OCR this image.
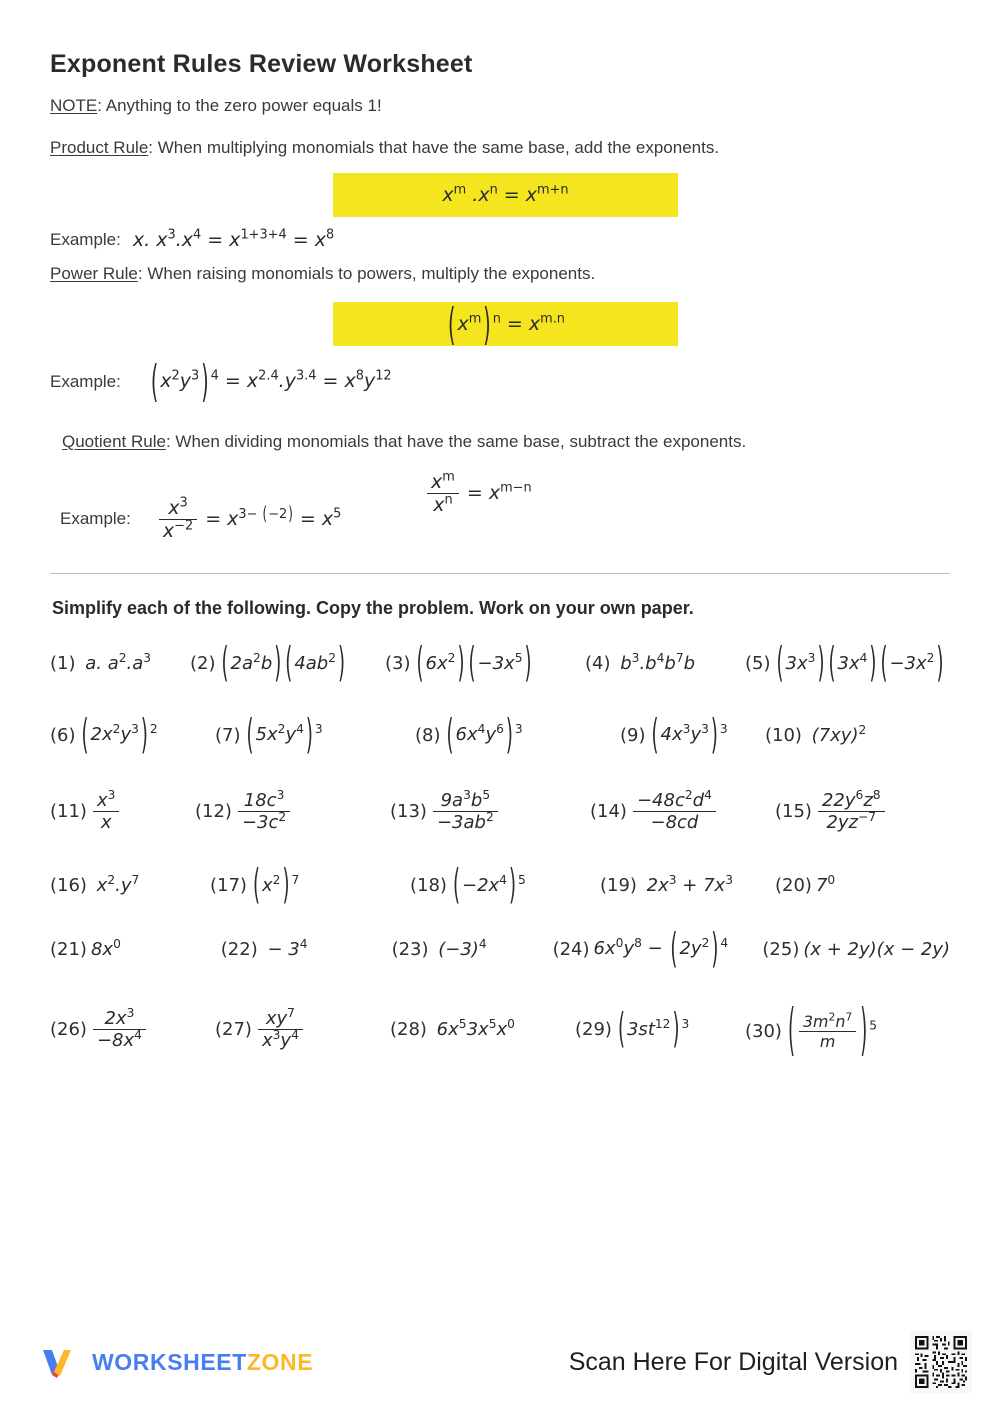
Exponent Rules Review Worksheet
NOTE: Anything to the zero power equals 1!
Product Rule: When multiplying monomials that have the same base, add the exponents.
$x^m$ $.x^n = x^{m+n}$
Example: x. $x^3.x^4 = x^{1+3+4} = x^8$
Power Rule: When raising monomials to powers, multiply the exponents.
( $x^m$ ) $^n = x^{m.n}$
Example: ( $x^2y^3$ ) $^4 = x^{2.4}.y^{3.4} = x^8y^{12}$
Quotient Rule: When dividing monomials that have the same base, subtract the exponents.
$\frac{x^m}{x^n} = x^{m-n}$
Example: $\frac{x^3}{x^{-2}} = x^{3- (-2)} = x^5$
Simplify each of the following. Copy the problem. Work on your own paper.
(1) a. $a^2.a^3$ (2) ( $2a^2b$ ) ( $4ab^2$ ) (3) ( $6x^2$ ) ( $-3x^5$ )	(4) $b^3.b^4b^7b$	(5) ( $3x^3$ ) ( $3x^4$ ) ( $-3x^2$ )
(6) ( $2x^2y^3$ ) $^2$	(7) ( $5x^2y^4$ ) $^3$	(8) ( $6x^4y^6$ ) $^3$	(9) ( $4x^3y^3$ ) $^3$ (10) $(7xy)^2$
$(11) \frac{x^3}{x}$	$(12) \frac{18c^3}{-3c^2}$	$(13) \frac{9a^3b^5}{-3ab^2}$	$(14) \frac{-48c^2d^4}{-8cd}$	$(15) \frac{22y^6z^8}{2yz^{-7}}$
(16) $x^2.y^7$	(17) ( $x^2$ ) $^7$	(18) ( $-2x^4$ ) $^5$	(19) $2x^3 + 7x^3$ (20) $7^0$
(21) $8x^0$	$(22) - 3^4$	(23) $(-3)^4$	(24) $6x^0y^8$ − ( $2y^2$ ) $^4$ (25) (x + 2y)(x − 2y)
$(26) \frac{2x^3}{-8x^4}$	$(27) \frac{xy^7}{x^3y^4}$	(28) $6x^53x^5x^0$	(29) ( $3st^{12}$ ) $^3$	(30) ( $\frac{3m^2n^7}{m}$ ) $^5$
WORKSHEETZONE	Scan Here For Digital Version
